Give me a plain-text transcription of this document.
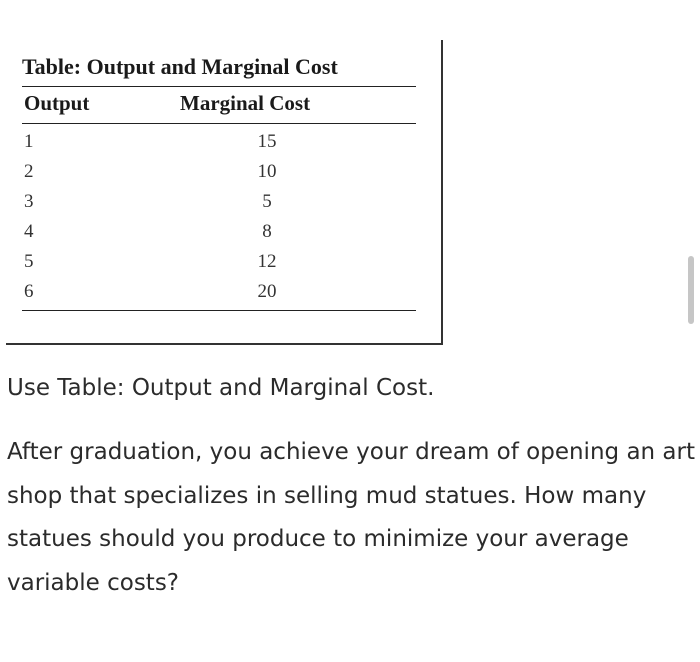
Table: Output and Marginal Cost
Output	Marginal Cost
1	15
2	10
3	5
4	8
5	12
6	20

Use Table: Output and Marginal Cost.

After graduation, you achieve your dream of opening an art shop that specializes in selling mud statues. How many statues should you produce to minimize your average variable costs?
